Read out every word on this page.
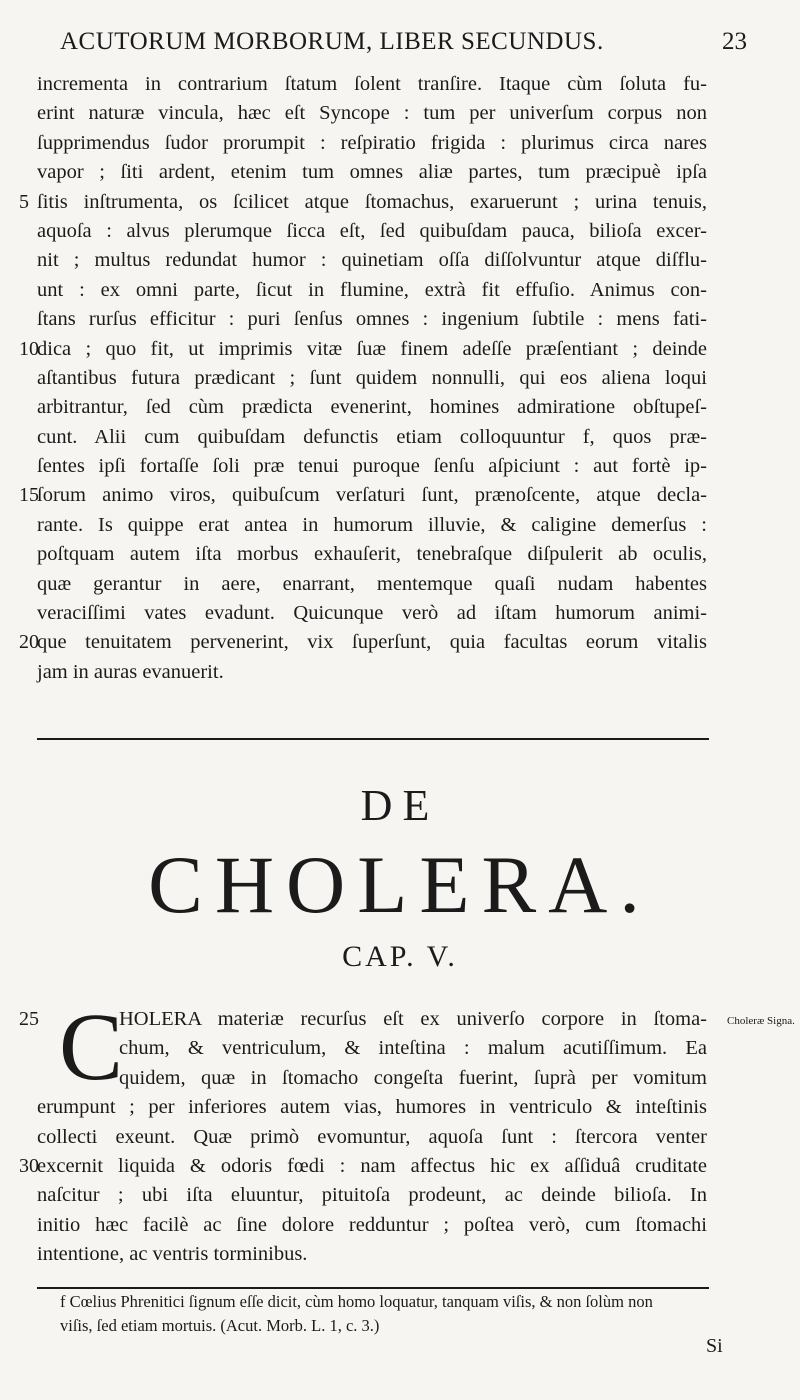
ACUTORUM MORBORUM, LIBER SECUNDUS.	23
incrementa in contrarium ſtatum ſolent tranſire. Itaque cùm ſoluta fu-
erint naturæ vincula, hæc eſt Syncope : tum per univerſum corpus non
ſupprimendus ſudor prorumpit : reſpiratio frigida : plurimus circa nares
vapor ; ſiti ardent, etenim tum omnes aliæ partes, tum præcipuè ipſa
5 ſitis inſtrumenta, os ſcilicet atque ſtomachus, exaruerunt ; urina tenuis,
aquoſa : alvus plerumque ſicca eſt, ſed quibuſdam pauca, bilioſa excer-
nit ; multus redundat humor : quinetiam oſſa diſſolvuntur atque diſflu-
unt : ex omni parte, ſicut in flumine, extrà fit effuſio. Animus con-
ſtans rurſus efficitur : puri ſenſus omnes : ingenium ſubtile : mens fati-
10
dica ; quo fit, ut imprimis vitæ ſuæ finem adeſſe præſentiant ; deinde
aſtantibus futura prædicant ; ſunt quidem nonnulli, qui eos aliena loqui
arbitrantur, ſed cùm prædicta evenerint, homines admiratione obſtupeſ-
cunt. Alii cum quibuſdam defunctis etiam colloquuntur f, quos præ-
ſentes ipſi fortaſſe ſoli præ tenui puroque ſenſu aſpiciunt : aut fortè ip-
15
ſorum animo viros, quibuſcum verſaturi ſunt, prænoſcente, atque decla-
rante. Is quippe erat antea in humorum illuvie, & caligine demerſus :
poſtquam autem iſta morbus exhauſerit, tenebraſque diſpulerit ab oculis,
quæ gerantur in aere, enarrant, mentemque quaſi nudam habentes
veraciſſimi vates evadunt. Quicunque verò ad iſtam humorum animi-
20
que tenuitatem pervenerint, vix ſuperſunt, quia facultas eorum vitalis
jam in auras evanuerit.
DE
CHOLERA.
CAP. V.
C
25	HOLERA materiæ recurſus eſt ex univerſo corpore in ſtoma-
chum, & ventriculum, & inteſtina : malum acutiſſimum. Ea
quidem, quæ in ſtomacho congeſta fuerint, ſuprà per vomitum
erumpunt ; per inferiores autem vias, humores in ventriculo & inteſtinis
collecti exeunt. Quæ primò evomuntur, aquoſa ſunt : ſtercora venter
30
excernit liquida & odoris fœdi : nam affectus hic ex aſſiduâ cruditate
naſcitur ; ubi iſta eluuntur, pituitoſa prodeunt, ac deinde bilioſa. In
initio hæc facilè ac ſine dolore redduntur ; poſtea verò, cum ſtomachi
intentione, ac ventris torminibus.
Choleræ Signa.
f Cœlius Phrenitici ſignum eſſe dicit, cùm homo loquatur, tanquam viſis, & non ſolùm non
viſis, ſed etiam mortuis. (Acut. Morb. L. 1, c. 3.)
Si
